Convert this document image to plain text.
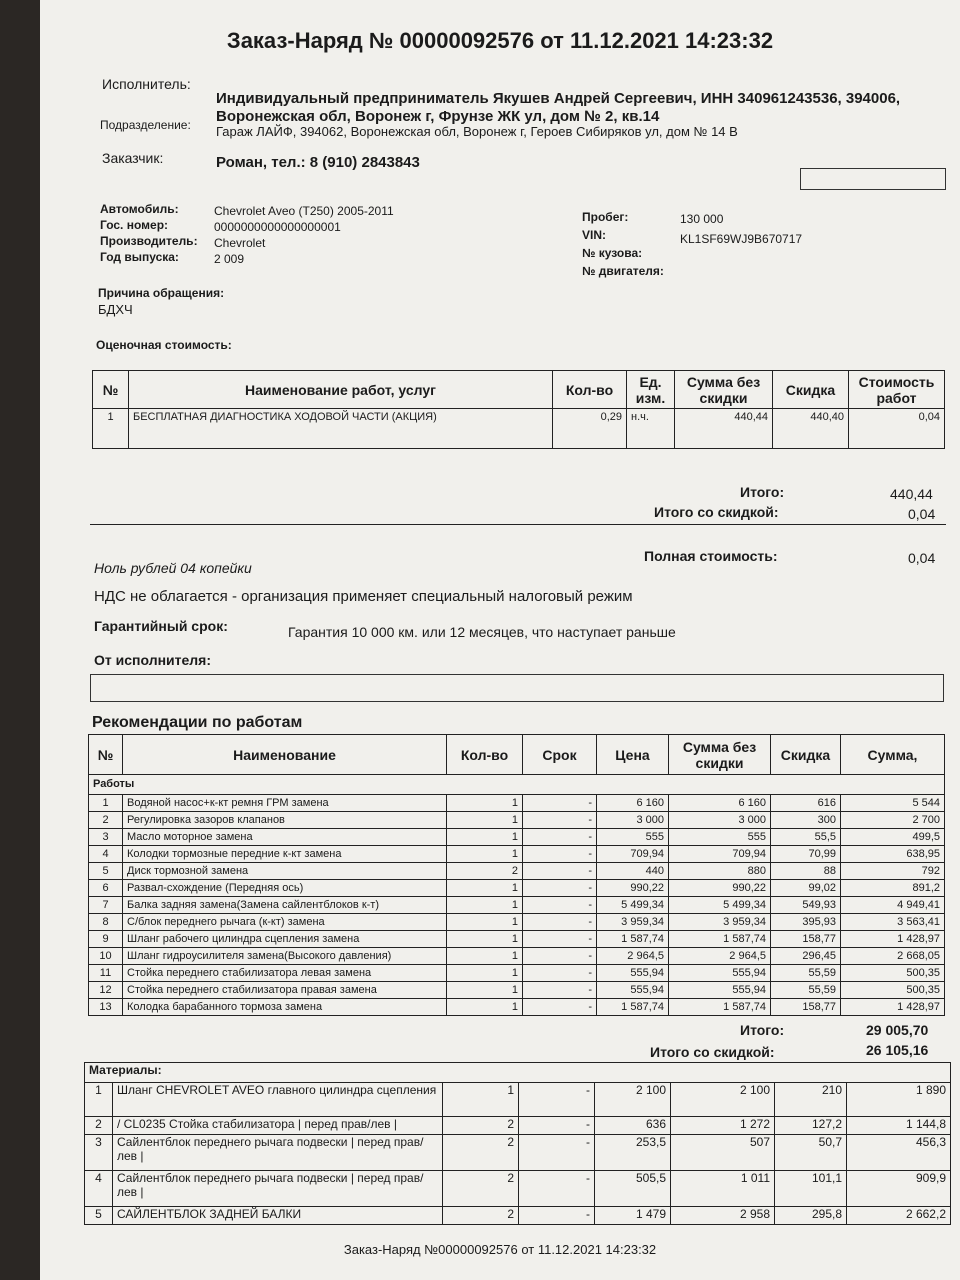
Заказ-Наряд № 00000092576 от 11.12.2021 14:23:32
Исполнитель:
Индивидуальный предприниматель Якушев Андрей Сергеевич, ИНН 340961243536, 394006,
Воронежская обл, Воронеж г, Фрунзе ЖК ул, дом № 2, кв.14
Подразделение: Гараж ЛАЙФ, 394062, Воронежская обл, Воронеж г, Героев Сибиряков ул, дом № 14 В
Заказчик:	Роман, тел.: 8 (910) 2843843
Автомобиль:	Chevrolet Aveo (T250) 2005-2011
Гос. номер:	0000000000000000001
Производитель: Chevrolet
Год выпуска:	2 009
Пробег:	130 000
VIN:	KL1SF69WJ9B670717
№ кузова:
№ двигателя:
Причина обращения:
БДХЧ
Оценочная стоимость:
№	Наименование работ, услуг	Кол-во	Ед. изм.	Сумма без скидки	Скидка	Стоимость работ
1	БЕСПЛАТНАЯ ДИАГНОСТИКА ХОДОВОЙ ЧАСТИ (АКЦИЯ)	0,29	н.ч.	440,44	440,40	0,04
Итого:	440,44
Итого со скидкой:	0,04
Полная стоимость:	0,04
Ноль рублей 04 копейки
НДС не облагается - организация применяет специальный налоговый режим
Гарантийный срок:	Гарантия 10 000 км. или 12 месяцев, что наступает раньше
От исполнителя:
Рекомендации по работам
№	Наименование	Кол-во	Срок	Цена	Сумма без скидки	Скидка	Сумма,
Работы							
1	Водяной насос+к-кт ремня ГРМ замена	1	-	6 160	6 160	616	5 544
2	Регулировка зазоров клапанов	1	-	3 000	3 000	300	2 700
3	Масло моторное замена	1	-	555	555	55,5	499,5
4	Колодки тормозные передние к-кт замена	1	-	709,94	709,94	70,99	638,95
5	Диск тормозной замена	2	-	440	880	88	792
6	Развал-схождение (Передняя ось)	1	-	990,22	990,22	99,02	891,2
7	Балка задняя замена(Замена сайлентблоков к-т)	1	-	5 499,34	5 499,34	549,93	4 949,41
8	С/блок переднего рычага (к-кт) замена	1	-	3 959,34	3 959,34	395,93	3 563,41
9	Шланг рабочего цилиндра сцепления замена	1	-	1 587,74	1 587,74	158,77	1 428,97
10	Шланг гидроусилителя замена(Высокого давления)	1	-	2 964,5	2 964,5	296,45	2 668,05
11	Стойка переднего стабилизатора левая замена	1	-	555,94	555,94	55,59	500,35
12	Стойка переднего стабилизатора правая замена	1	-	555,94	555,94	55,59	500,35
13	Колодка барабанного тормоза замена	1	-	1 587,74	1 587,74	158,77	1 428,97
Итого:	29 005,70
Итого со скидкой:	26 105,16
Материалы:							
1	Шланг CHEVROLET AVEO главного цилиндра сцепления	1	-	2 100	2 100	210	1 890
2	/ CL0235 Стойка стабилизатора | перед прав/лев |	2	-	636	1 272	127,2	1 144,8
3	Сайлентблок переднего рычага подвески | перед прав/лев |	2	-	253,5	507	50,7	456,3
4	Сайлентблок переднего рычага подвески | перед прав/лев |	2	-	505,5	1 011	101,1	909,9
5	САЙЛЕНТБЛОК ЗАДНЕЙ БАЛКИ	2	-	1 479	2 958	295,8	2 662,2
Заказ-Наряд №00000092576 от 11.12.2021 14:23:32
